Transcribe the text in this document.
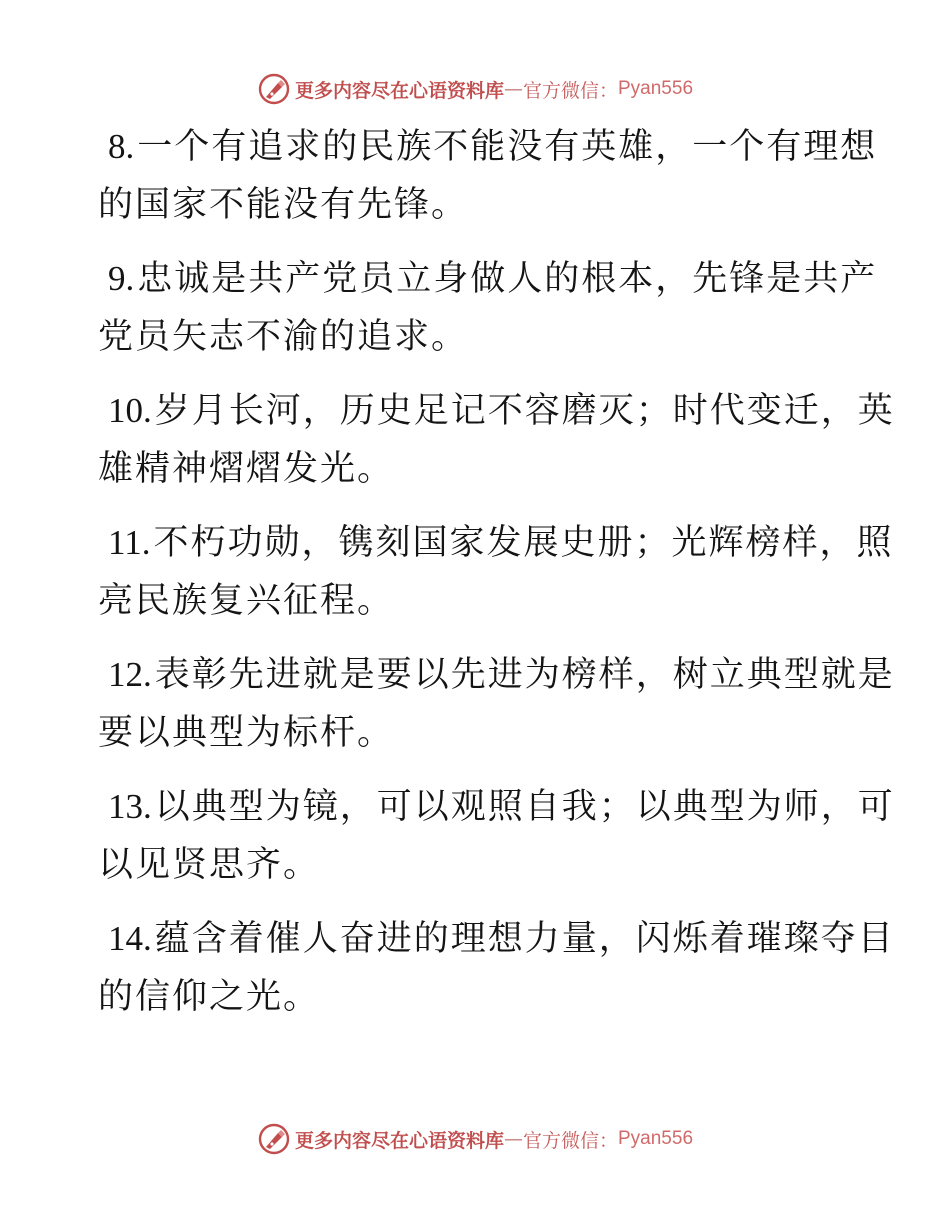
更多内容尽在心语资料库 — 官方微信： Pyan556
8.一个有追求的民族不能没有英雄，一个有理想
的国家不能没有先锋。
9.忠诚是共产党员立身做人的根本，先锋是共产
党员矢志不渝的追求。
10.岁月长河，历史足记不容磨灭；时代变迁，英
雄精神熠熠发光。
11.不朽功勋，镌刻国家发展史册；光辉榜样，照
亮民族复兴征程。
12.表彰先进就是要以先进为榜样，树立典型就是
要以典型为标杆。
13.以典型为镜，可以观照自我；以典型为师，可
以见贤思齐。
14.蕴含着催人奋进的理想力量，闪烁着璀璨夺目
的信仰之光。
更多内容尽在心语资料库 — 官方微信： Pyan556
